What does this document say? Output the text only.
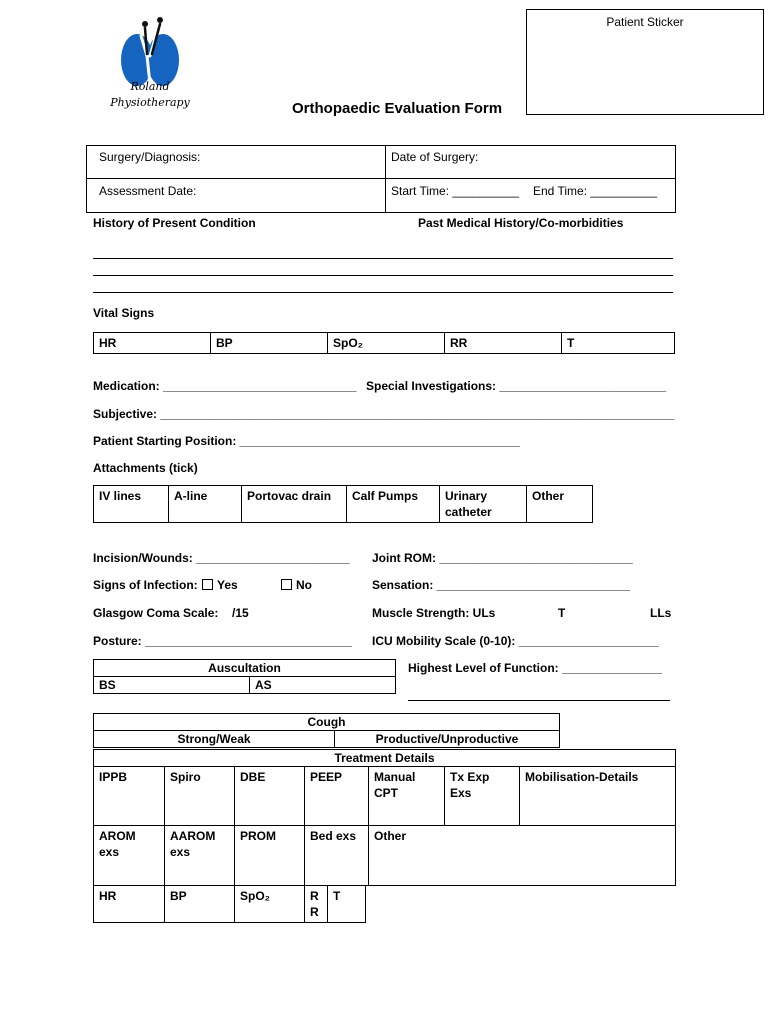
Roland
Physiotherapy
Patient Sticker
Orthopaedic Evaluation Form
Surgery/Diagnosis:	Date of Surgery:
Assessment Date:	Start Time: __________ End Time: __________
History of Present Condition	Past Medical History/Co-morbidities
Vital Signs
HR	BP	SpO₂	RR	T
Medication: _____________________________ Special Investigations: _________________________
Subjective: _____________________________________________________________________________
Patient Starting Position: __________________________________________
Attachments (tick)
IV lines	A-line	Portovac drain	Calf Pumps	Urinary catheter	Other
Incision/Wounds: _______________________ Joint ROM: _____________________________
Signs of Infection:	Yes	No	Sensation: _____________________________
Glasgow Coma Scale: /15	Muscle Strength: ULs	T	LLs
Posture: _______________________________ ICU Mobility Scale (0-10): _____________________
Auscultation
BS	AS
Highest Level of Function: _______________
Cough
Strong/Weak	Productive/Unproductive
Treatment Details						
IPPB	Spiro	DBE	PEEP	Manual CPT	Tx Exp Exs	Mobilisation-Details
AROM exs	AAROM exs	PROM	Bed exs	Other		
HR	BP	SpO₂	RR	T
